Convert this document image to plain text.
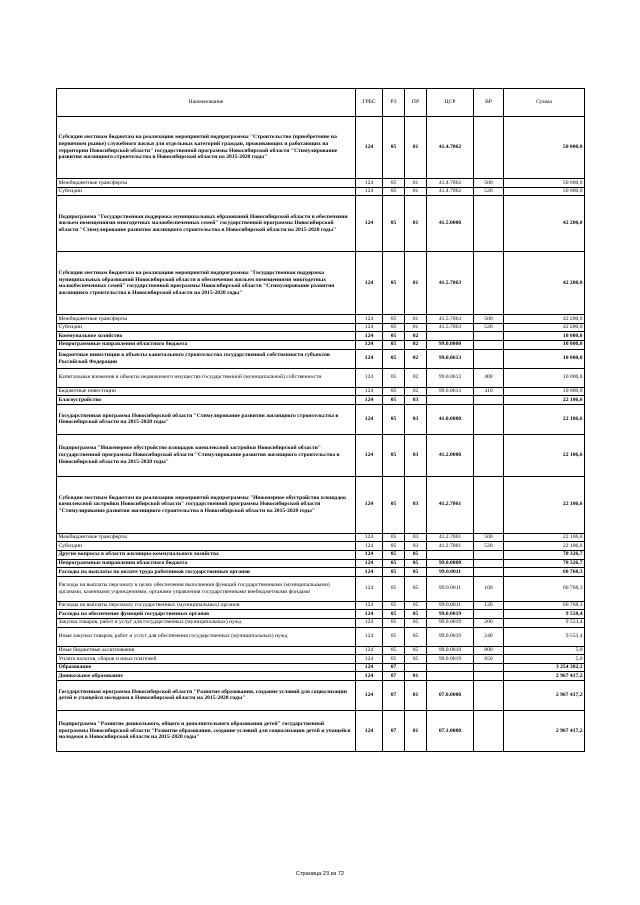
Наименование	ГРБС	РЗ	ПР	ЦСР	ВР	Сумма
Субсидии местным бюджетам на реализацию мероприятий подпрограммы "Строительство (приобретение на первичном рынке) служебного жилья для отдельных категорий граждан, проживающих и работающих на территории Новосибирской области" государственной программы Новосибирской области "Стимулирование развития жилищного строительства в Новосибирской области на 2015-2020 годы"	124	05	01	41.4.7062		50 000,0
Межбюджетные трансферты	124	05	01	41.4.7062	500	50 000,0
Субсидии	124	05	01	41.4.7062	520	50 000,0
Подпрограмма "Государственная поддержка муниципальных образований Новосибирской области в обеспечении жильем помещениями многодетных малообеспеченных семей" государственной программы Новосибирской области "Стимулирование развития жилищного строительства в Новосибирской области на 2015-2020 годы"	124	05	01	41.5.0000		42 200,0
Субсидии местным бюджетам на реализацию мероприятий подпрограммы "Государственная поддержка муниципальных образований Новосибирской области в обеспечении жильем помещениями многодетных малообеспеченных семей" государственной программы Новосибирской области "Стимулирование развития жилищного строительства в Новосибирской области на 2015-2020 годы"	124	05	01	41.5.7063		42 200,0
Межбюджетные трансферты	124	05	01	41.5.7063	500	42 200,0
Субсидии	124	05	01	41.5.7063	520	42 200,0
Коммунальное хозяйство	124	05	02			10 000,0
Непрограммные направления областного бюджета	124	05	02	99.0.0000		10 000,0
Бюджетные инвестиции в объекты капитального строительства государственной собственности субъектов Российской Федерации	124	05	02	99.0.0613		10 000,0
Капитальные вложения в объекты недвижимого имущества государственной (муниципальной) собственности	124	05	02	99.0.0613	400	10 000,0
Бюджетные инвестиции	124	05	02	99.0.0613	410	10 000,0
Благоустройство	124	05	03			22 106,6
Государственная программа Новосибирской области "Стимулирование развития жилищного строительства в Новосибирской области на 2015-2020 годы"	124	05	03	41.0.0000		22 106,6
Подпрограмма "Инженерное обустройство площадок комплексной застройки Новосибирской области" государственной программы Новосибирской области "Стимулирование развития жилищного строительства в Новосибирской области на 2015-2020 годы"	124	05	03	41.2.0000		22 106,6
Субсидии местным бюджетам на реализацию мероприятий подпрограммы "Инженерное обустройство площадок комплексной застройки Новосибирской области" государственной программы Новосибирской области "Стимулирование развития жилищного строительства в Новосибирской области на 2015-2020 годы"	124	05	03	41.2.7061		22 106,6
Межбюджетные трансферты	124	05	03	41.2.7061	500	22 106,6
Субсидии	124	05	03	41.2.7061	520	22 106,6
Другие вопросы в области жилищно-коммунального хозяйства	124	05	05			70 326,7
Непрограммные направления областного бюджета	124	05	05	99.0.0000		70 326,7
Расходы на выплаты по оплате труда работников государственных органов	124	05	05	99.0.0011		60 768,3
Расходы на выплаты персоналу в целях обеспечения выполнения функций государственными (муниципальными) органами, казенными учреждениями, органами управления государственными внебюджетными фондами	124	05	05	99.0.0011	100	60 768,3
Расходы на выплаты персоналу государственных (муниципальных) органов	124	05	05	99.0.0011	120	60 768,3
Расходы на обеспечение функций государственных органов	124	05	05	99.0.0019		9 558,4
Закупка товаров, работ и услуг для государственных (муниципальных) нужд	124	05	05	99.0.0019	200	9 553,4
Иные закупки товаров, работ и услуг для обеспечения государственных (муниципальных) нужд	124	05	05	99.0.0019	240	9 553,4
Иные бюджетные ассигнования	124	05	05	99.0.0019	800	5,0
Уплата налогов, сборов и иных платежей	124	05	05	99.0.0019	850	5,0
Образование	124	07				3 254 382,1
Дошкольное образование	124	07	01			2 967 417,2
Государственная программа Новосибирской области "Развитие образования, создание условий для социализации детей и учащейся молодежи в Новосибирской области на 2015-2020 годы"	124	07	01	07.0.0000		2 967 417,2
Подпрограмма "Развитие дошкольного, общего и дополнительного образования детей" государственной программы Новосибирской области "Развитие образования, создание условий для социализации детей и учащейся молодежи в Новосибирской области на 2015-2020 годы"	124	07	01	07.1.0000		2 967 417,2
Страница 23 из 72
